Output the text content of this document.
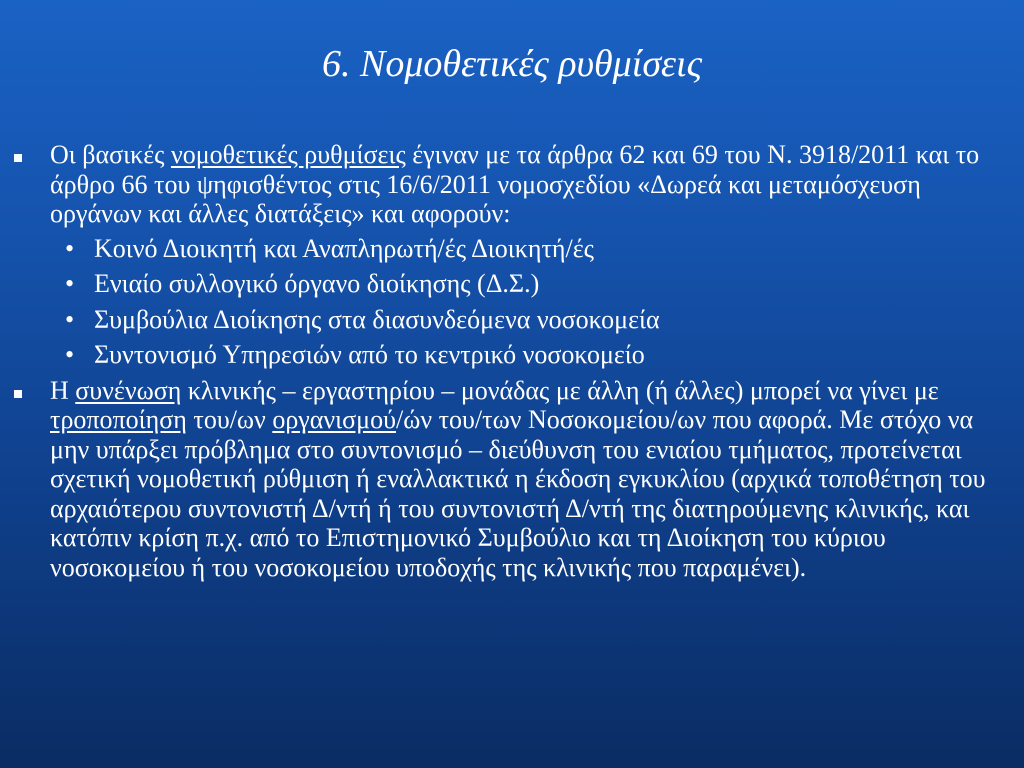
6. Νομοθετικές ρυθμίσεις
Οι βασικές νομοθετικές ρυθμίσεις έγιναν με τα άρθρα 62 και 69 του Ν. 3918/2011 και το άρθρο 66 του ψηφισθέντος στις 16/6/2011 νομοσχεδίου «Δωρεά και μεταμόσχευση οργάνων και άλλες διατάξεις» και αφορούν:
• Κοινό Διοικητή και Αναπληρωτή/ές Διοικητή/ές
• Ενιαίο συλλογικό όργανο διοίκησης (Δ.Σ.)
• Συμβούλια Διοίκησης στα διασυνδεόμενα νοσοκομεία
• Συντονισμό Υπηρεσιών από το κεντρικό νοσοκομείο
Η συνένωση κλινικής – εργαστηρίου – μονάδας με άλλη (ή άλλες) μπορεί να γίνει με τροποποίηση του/ων οργανισμού/ών του/των Νοσοκομείου/ων που αφορά. Με στόχο να μην υπάρξει πρόβλημα στο συντονισμό – διεύθυνση του ενιαίου τμήματος, προτείνεται σχετική νομοθετική ρύθμιση ή εναλλακτικά η έκδοση εγκυκλίου (αρχικά τοποθέτηση του αρχαιότερου συντονιστή Δ/ντή ή του συντονιστή Δ/ντή της διατηρούμενης κλινικής, και κατόπιν κρίση π.χ. από το Επιστημονικό Συμβούλιο και τη Διοίκηση του κύριου νοσοκομείου ή του νοσοκομείου υποδοχής της κλινικής που παραμένει).
